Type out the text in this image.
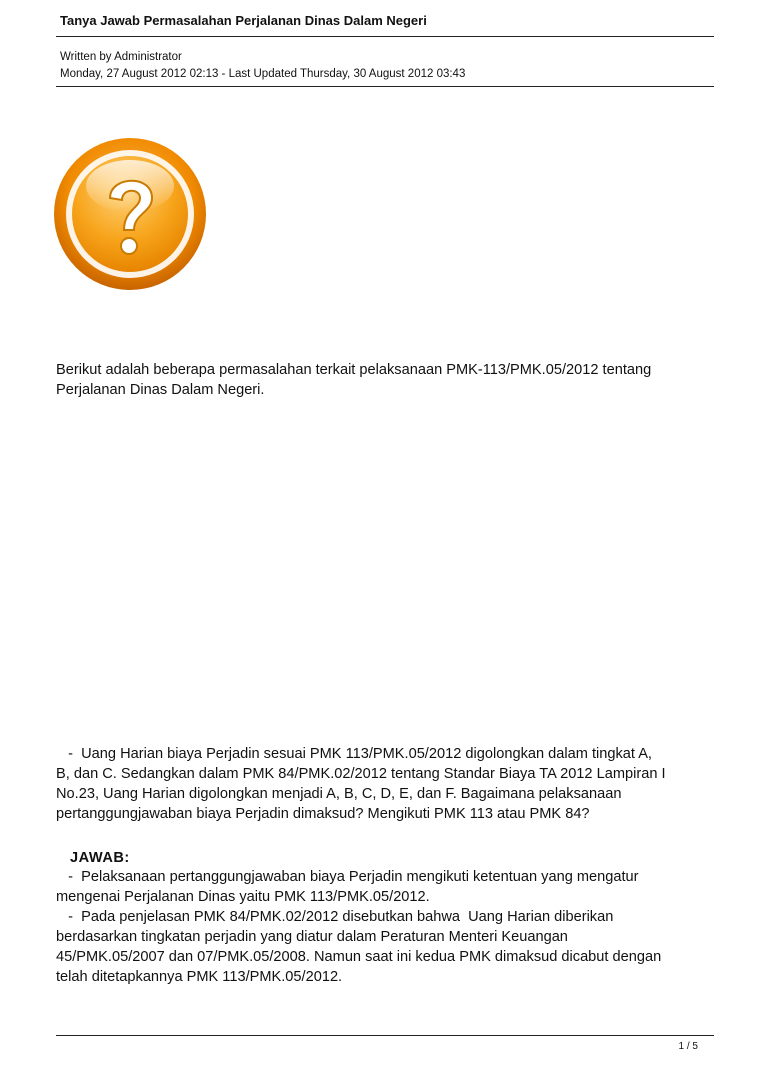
Tanya Jawab Permasalahan Perjalanan Dinas Dalam Negeri
Written by Administrator
Monday, 27 August 2012 02:13 - Last Updated Thursday, 30 August 2012 03:43
Berikut adalah beberapa permasalahan terkait pelaksanaan PMK-113/PMK.05/2012 tentang
Perjalanan Dinas Dalam Negeri.
-  Uang Harian biaya Perjadin sesuai PMK 113/PMK.05/2012 digolongkan dalam tingkat A,
B, dan C. Sedangkan dalam PMK 84/PMK.02/2012 tentang Standar Biaya TA 2012 Lampiran I
No.23, Uang Harian digolongkan menjadi A, B, C, D, E, dan F. Bagaimana pelaksanaan
pertanggungjawaban biaya Perjadin dimaksud? Mengikuti PMK 113 atau PMK 84?
JAWAB:
-  Pelaksanaan pertanggungjawaban biaya Perjadin mengikuti ketentuan yang mengatur
mengenai Perjalanan Dinas yaitu PMK 113/PMK.05/2012.
-  Pada penjelasan PMK 84/PMK.02/2012 disebutkan bahwa  Uang Harian diberikan
berdasarkan tingkatan perjadin yang diatur dalam Peraturan Menteri Keuangan
45/PMK.05/2007 dan 07/PMK.05/2008. Namun saat ini kedua PMK dimaksud dicabut dengan
telah ditetapkannya PMK 113/PMK.05/2012.
1 / 5
